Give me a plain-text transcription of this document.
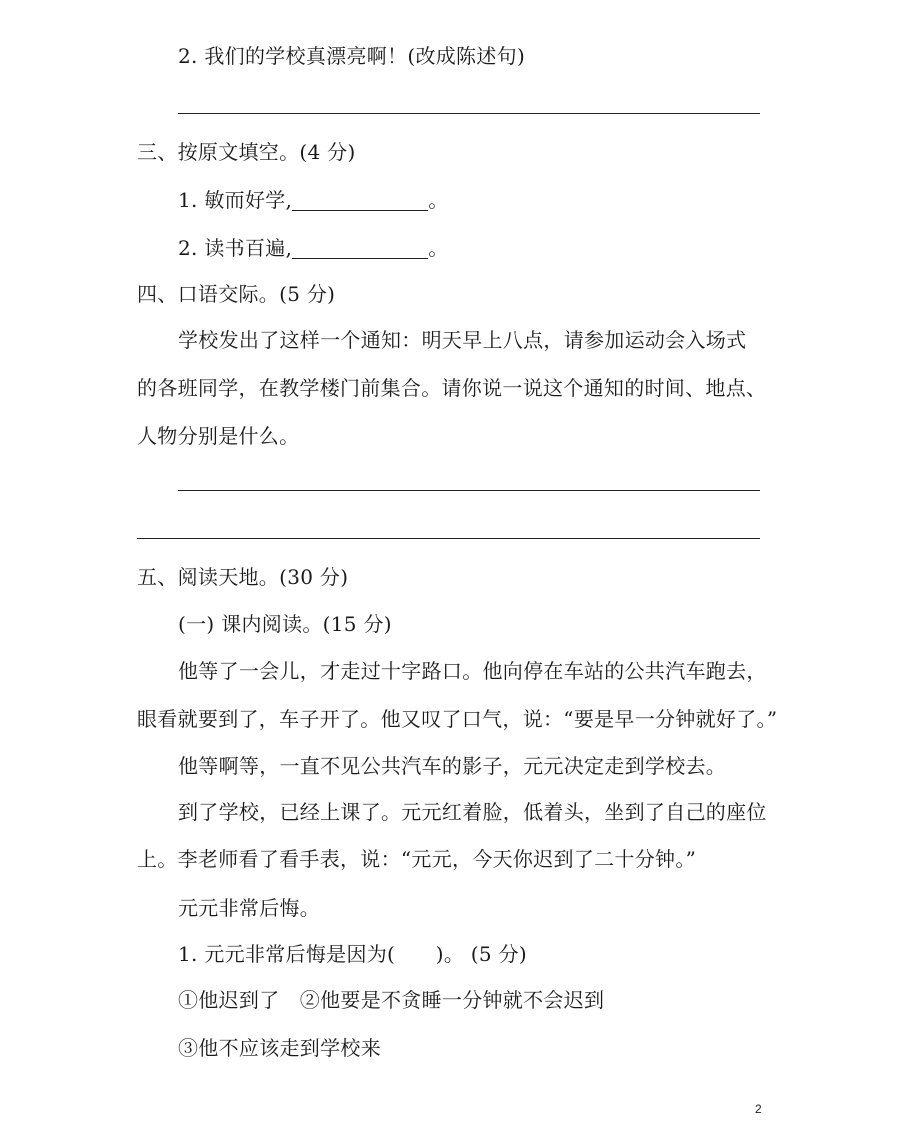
2. 我们的学校真漂亮啊！(改成陈述句)
三、按原文填空。(4 分)
1. 敏而好学,	。
2. 读书百遍,	。
四、口语交际。(5 分)
学校发出了这样一个通知：明天早上八点，请参加运动会入场式
的各班同学，在教学楼门前集合。请你说一说这个通知的时间、地点、
人物分别是什么。
五、阅读天地。(30 分)
(一) 课内阅读。(15 分)
他等了一会儿，才走过十字路口。他向停在车站的公共汽车跑去，
眼看就要到了，车子开了。他又叹了口气，说：“要是早一分钟就好了。”
他等啊等，一直不见公共汽车的影子，元元决定走到学校去。
到了学校，已经上课了。元元红着脸，低着头，坐到了自己的座位
上。李老师看了看手表，说：“元元，今天你迟到了二十分钟。”
元元非常后悔。
1. 元元非常后悔是因为(　　)。 (5 分)
①他迟到了　②他要是不贪睡一分钟就不会迟到
③他不应该走到学校来
2
